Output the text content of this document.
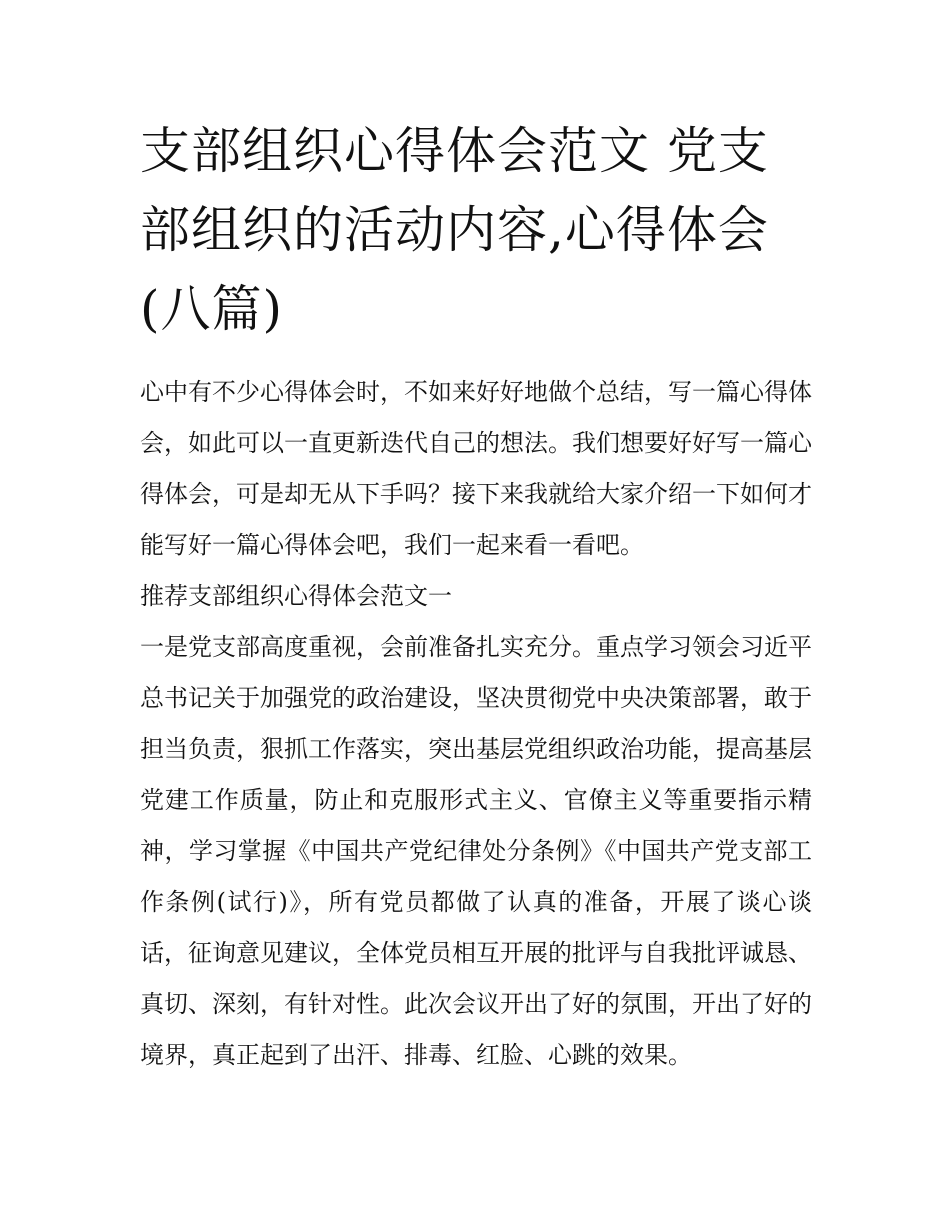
支部组织心得体会范文 党支部组织的活动内容,心得体会(八篇)

心中有不少心得体会时，不如来好好地做个总结，写一篇心得体会，如此可以一直更新迭代自己的想法。我们想要好好写一篇心得体会，可是却无从下手吗？接下来我就给大家介绍一下如何才能写好一篇心得体会吧，我们一起来看一看吧。

推荐支部组织心得体会范文一

一是党支部高度重视，会前准备扎实充分。重点学习领会习近平总书记关于加强党的政治建设，坚决贯彻党中央决策部署，敢于担当负责，狠抓工作落实，突出基层党组织政治功能，提高基层党建工作质量，防止和克服形式主义、官僚主义等重要指示精神，学习掌握《中国共产党纪律处分条例》《中国共产党支部工作条例(试行)》，所有党员都做了认真的准备，开展了谈心谈话，征询意见建议，全体党员相互开展的批评与自我批评诚恳、真切、深刻，有针对性。此次会议开出了好的氛围，开出了好的境界，真正起到了出汗、排毒、红脸、心跳的效果。
